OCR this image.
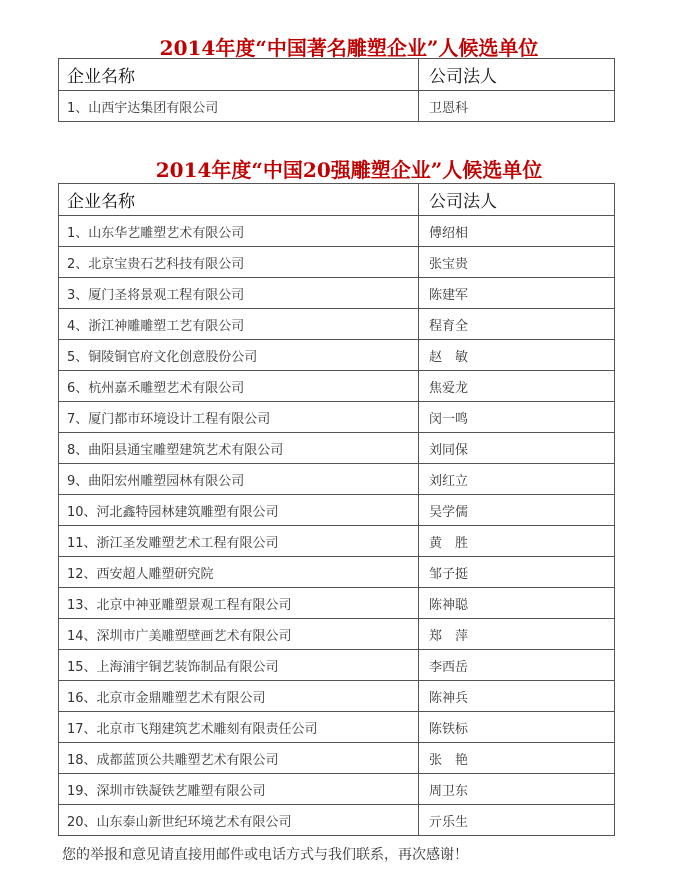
2014年度“中国著名雕塑企业”人候选单位
企业名称	公司法人
1、山西宇达集团有限公司	卫恩科
2014年度“中国20强雕塑企业”人候选单位
企业名称	公司法人
1、山东华艺雕塑艺术有限公司	傅绍相
2、北京宝贵石艺科技有限公司	张宝贵
3、厦门圣将景观工程有限公司	陈建军
4、浙江神雕雕塑工艺有限公司	程育全
5、铜陵铜官府文化创意股份公司	赵　敏
6、杭州嘉禾雕塑艺术有限公司	焦爱龙
7、厦门都市环境设计工程有限公司	闵一鸣
8、曲阳县通宝雕塑建筑艺术有限公司	刘同保
9、曲阳宏州雕塑园林有限公司	刘红立
10、河北鑫特园林建筑雕塑有限公司	吴学儒
11、浙江圣发雕塑艺术工程有限公司	黄　胜
12、西安超人雕塑研究院	邹子挺
13、北京中神亚雕塑景观工程有限公司	陈神聪
14、深圳市广美雕塑壁画艺术有限公司	郑　萍
15、上海浦宇铜艺装饰制品有限公司	李西岳
16、北京市金鼎雕塑艺术有限公司	陈神兵
17、北京市飞翔建筑艺术雕刻有限责任公司	陈铁标
18、成都蓝顶公共雕塑艺术有限公司	张　艳
19、深圳市铁凝铁艺雕塑有限公司	周卫东
20、山东泰山新世纪环境艺术有限公司	亓乐生
您的举报和意见请直接用邮件或电话方式与我们联系，再次感谢！
